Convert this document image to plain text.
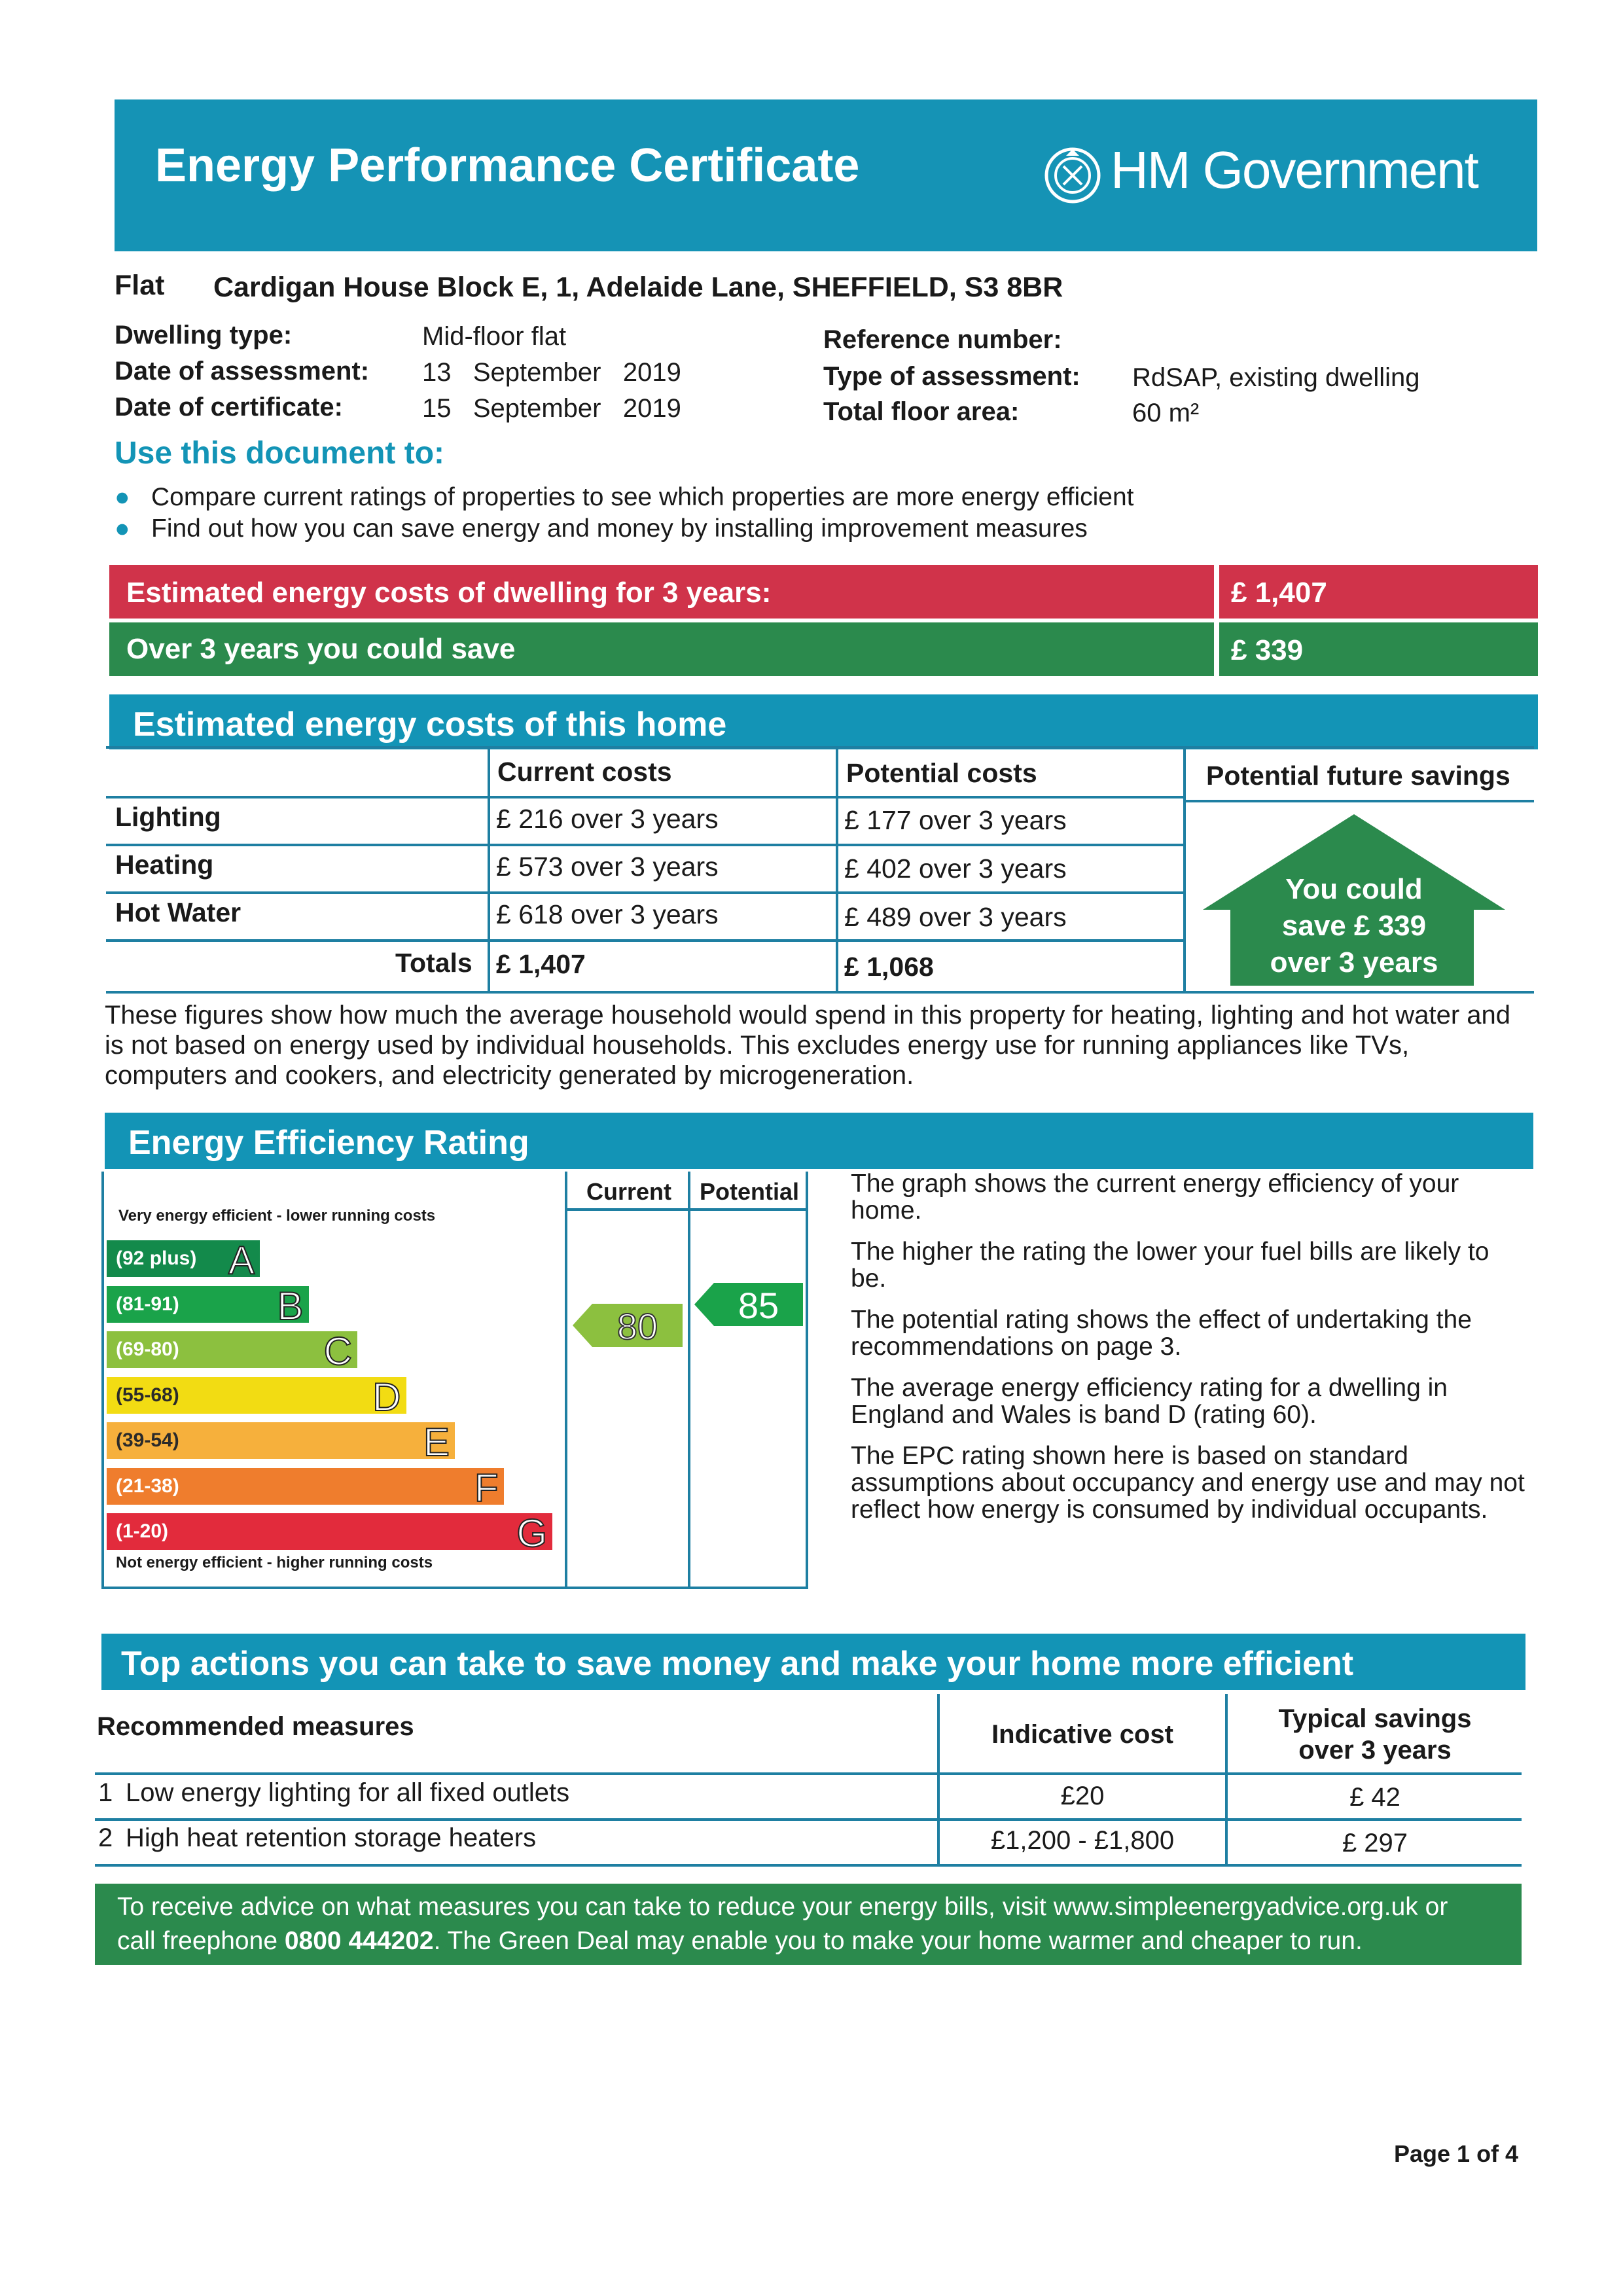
Energy Performance Certificate	HM Government
Flat Cardigan House Block E, 1, Adelaide Lane, SHEFFIELD, S3 8BR
Dwelling type:	Mid-floor flat
Date of assessment: 13   September   2019
Date of certificate:	15   September   2019
Reference number:
Type of assessment: RdSAP, existing dwelling
Total floor area:	60 m²
Use this document to:
● Compare current ratings of properties to see which properties are more energy efficient
● Find out how you can save energy and money by installing improvement measures
Estimated energy costs of dwelling for 3 years:	£ 1,407
Over 3 years you could save	£ 339
Estimated energy costs of this home
Current costs	Potential costs	Potential future savings
Lighting	£ 216 over 3 years	£ 177 over 3 years
Heating	£ 573 over 3 years	£ 402 over 3 years
Hot Water	£ 618 over 3 years	£ 489 over 3 years
Totals £ 1,407	£ 1,068
You could
save £ 339
over 3 years
These figures show how much the average household would spend in this property for heating, lighting and hot water and is not based on energy used by individual households. This excludes energy use for running appliances like TVs, computers and cookers, and electricity generated by microgeneration.
Energy Efficiency Rating
Current	Potential
Very energy efficient - lower running costs
Not energy efficient - higher running costs
(92 plus) A
(81-91) B
(69-80)	C
(55-68)	D
(39-54)	E
(21-38)	F
(1-20)	G
80
85

The graph shows the current energy efficiency of your home.

The higher the rating the lower your fuel bills are likely to be.

The potential rating shows the effect of undertaking the recommendations on page 3.

The average energy efficiency rating for a dwelling in England and Wales is band D (rating 60).

The EPC rating shown here is based on standard assumptions about occupancy and energy use and may not reflect how energy is consumed by individual occupants.

Top actions you can take to save money and make your home more efficient
Recommended measures	Indicative cost
Typical savings
over 3 years
1 Low energy lighting for all fixed outlets	£20	£ 42
2 High heat retention storage heaters	£1,200 - £1,800	£ 297
To receive advice on what measures you can take to reduce your energy bills, visit www.simpleenergyadvice.org.uk or
call freephone 0800 444202. The Green Deal may enable you to make your home warmer and cheaper to run.
Page 1 of 4
